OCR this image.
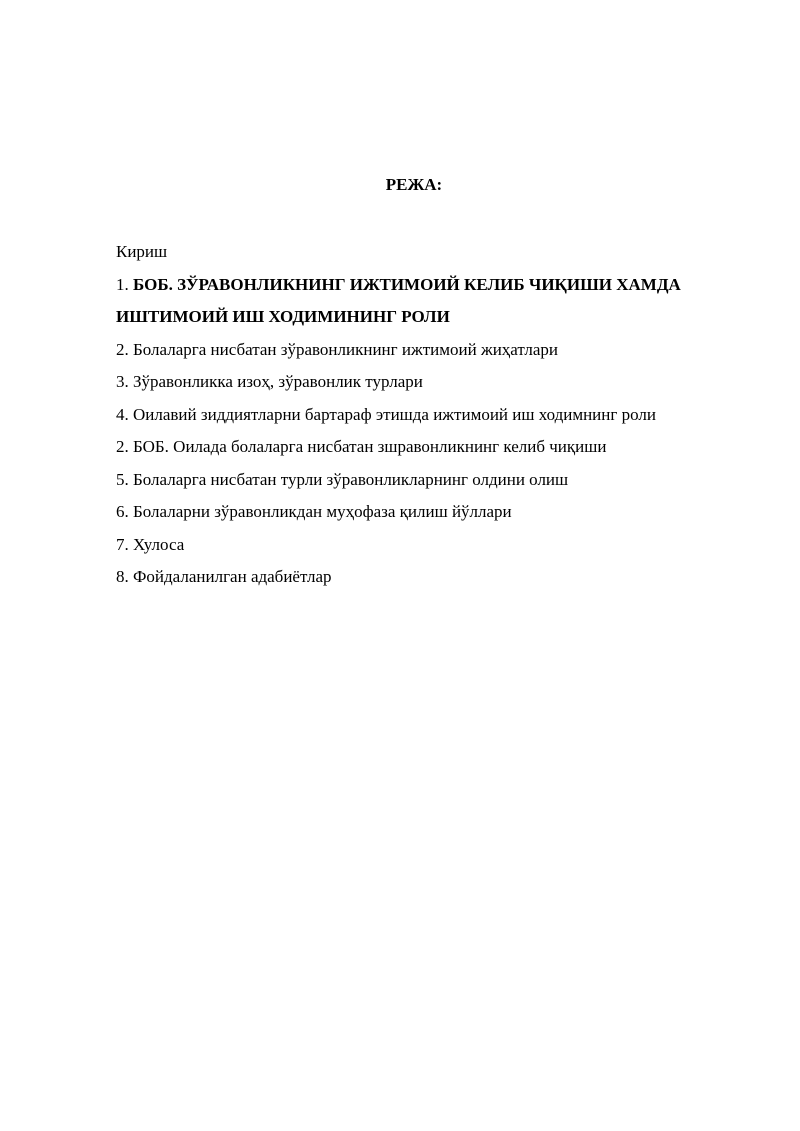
РЕЖА:
Кириш
1. БОБ. ЗЎРАВОНЛИКНИНГ ИЖТИМОИЙ КЕЛИБ ЧИҚИШИ ХАМДА
ИШТИМОИЙ ИШ ХОДИМИНИНГ РОЛИ
2. Болаларга нисбатан зўравонликнинг ижтимоий жиҳатлари
3. Зўравонликка изоҳ, зўравонлик турлари
4. Оилавий зиддиятларни бартараф этишда ижтимоий иш ходимнинг роли
2. БОБ. Оилада болаларга нисбатан зшравонликнинг келиб чиқиши
5. Болаларга нисбатан турли зўравонликларнинг олдини олиш
6. Болаларни зўравонликдан муҳофаза қилиш йўллари
7. Хулоса
8. Фойдаланилган адабиётлар
